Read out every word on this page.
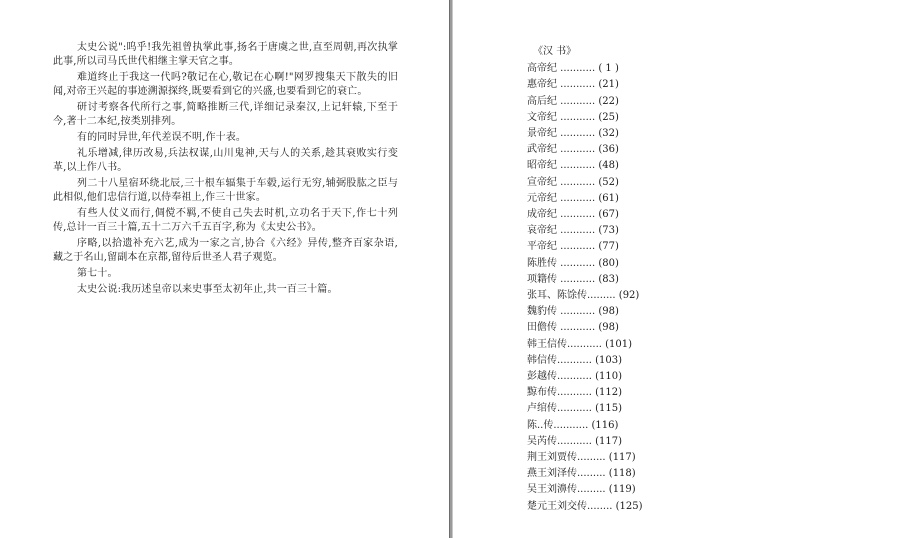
太史公说":呜乎!我先祖曾执掌此事,扬名于唐虞之世,直至周朝,再次执掌此事,所以司马氏世代相继主掌天官之事。

难道终止于我这一代吗?敬记在心,敬记在心啊!"网罗搜集天下散失的旧闻,对帝王兴起的事迹溯源探终,既要看到它的兴盛,也要看到它的衰亡。

研讨考察各代所行之事,简略推断三代,详细记录秦汉,上记轩辕,下至于今,著十二本纪,按类别排列。

有的同时异世,年代差误不明,作十表。

礼乐增减,律历改易,兵法权谋,山川鬼神,天与人的关系,趁其衰败实行变革,以上作八书。

列二十八星宿环绕北辰,三十根车辐集于车毂,运行无穷,辅弼股肱之臣与此相似,他们忠信行道,以侍奉祖上,作三十世家。

有些人仗义而行,倜傥不羁,不使自己失去时机,立功名于天下,作七十列传,总计一百三十篇,五十二万六千五百字,称为《太史公书》。

序略,以拾遗补充六艺,成为一家之言,协合《六经》异传,整齐百家杂语,藏之于名山,留副本在京都,留待后世圣人君子观览。

第七十。

太史公说:我历述皇帝以来史事至太初年止,共一百三十篇。

《汉 书》
高帝纪 ........... ( 1 )
惠帝纪 ........... (21)
高后纪 ........... (22)
文帝纪 ........... (25)
景帝纪 ........... (32)
武帝纪 ........... (36)
昭帝纪 ........... (48)
宣帝纪 ........... (52)
元帝纪 ........... (61)
成帝纪 ........... (67)
哀帝纪 ........... (73)
平帝纪 ........... (77)
陈胜传 ........... (80)
项籍传 ........... (83)
张耳、陈馀传......... (92)
魏豹传 ........... (98)
田儋传 ........... (98)
韩王信传........... (101)
韩信传........... (103)
彭越传........... (110)
黥布传........... (112)
卢绾传........... (115)
陈..传........... (116)
吴芮传........... (117)
荆王刘贾传......... (117)
燕王刘泽传......... (118)
吴王刘濞传......... (119)
楚元王刘交传........ (125)
